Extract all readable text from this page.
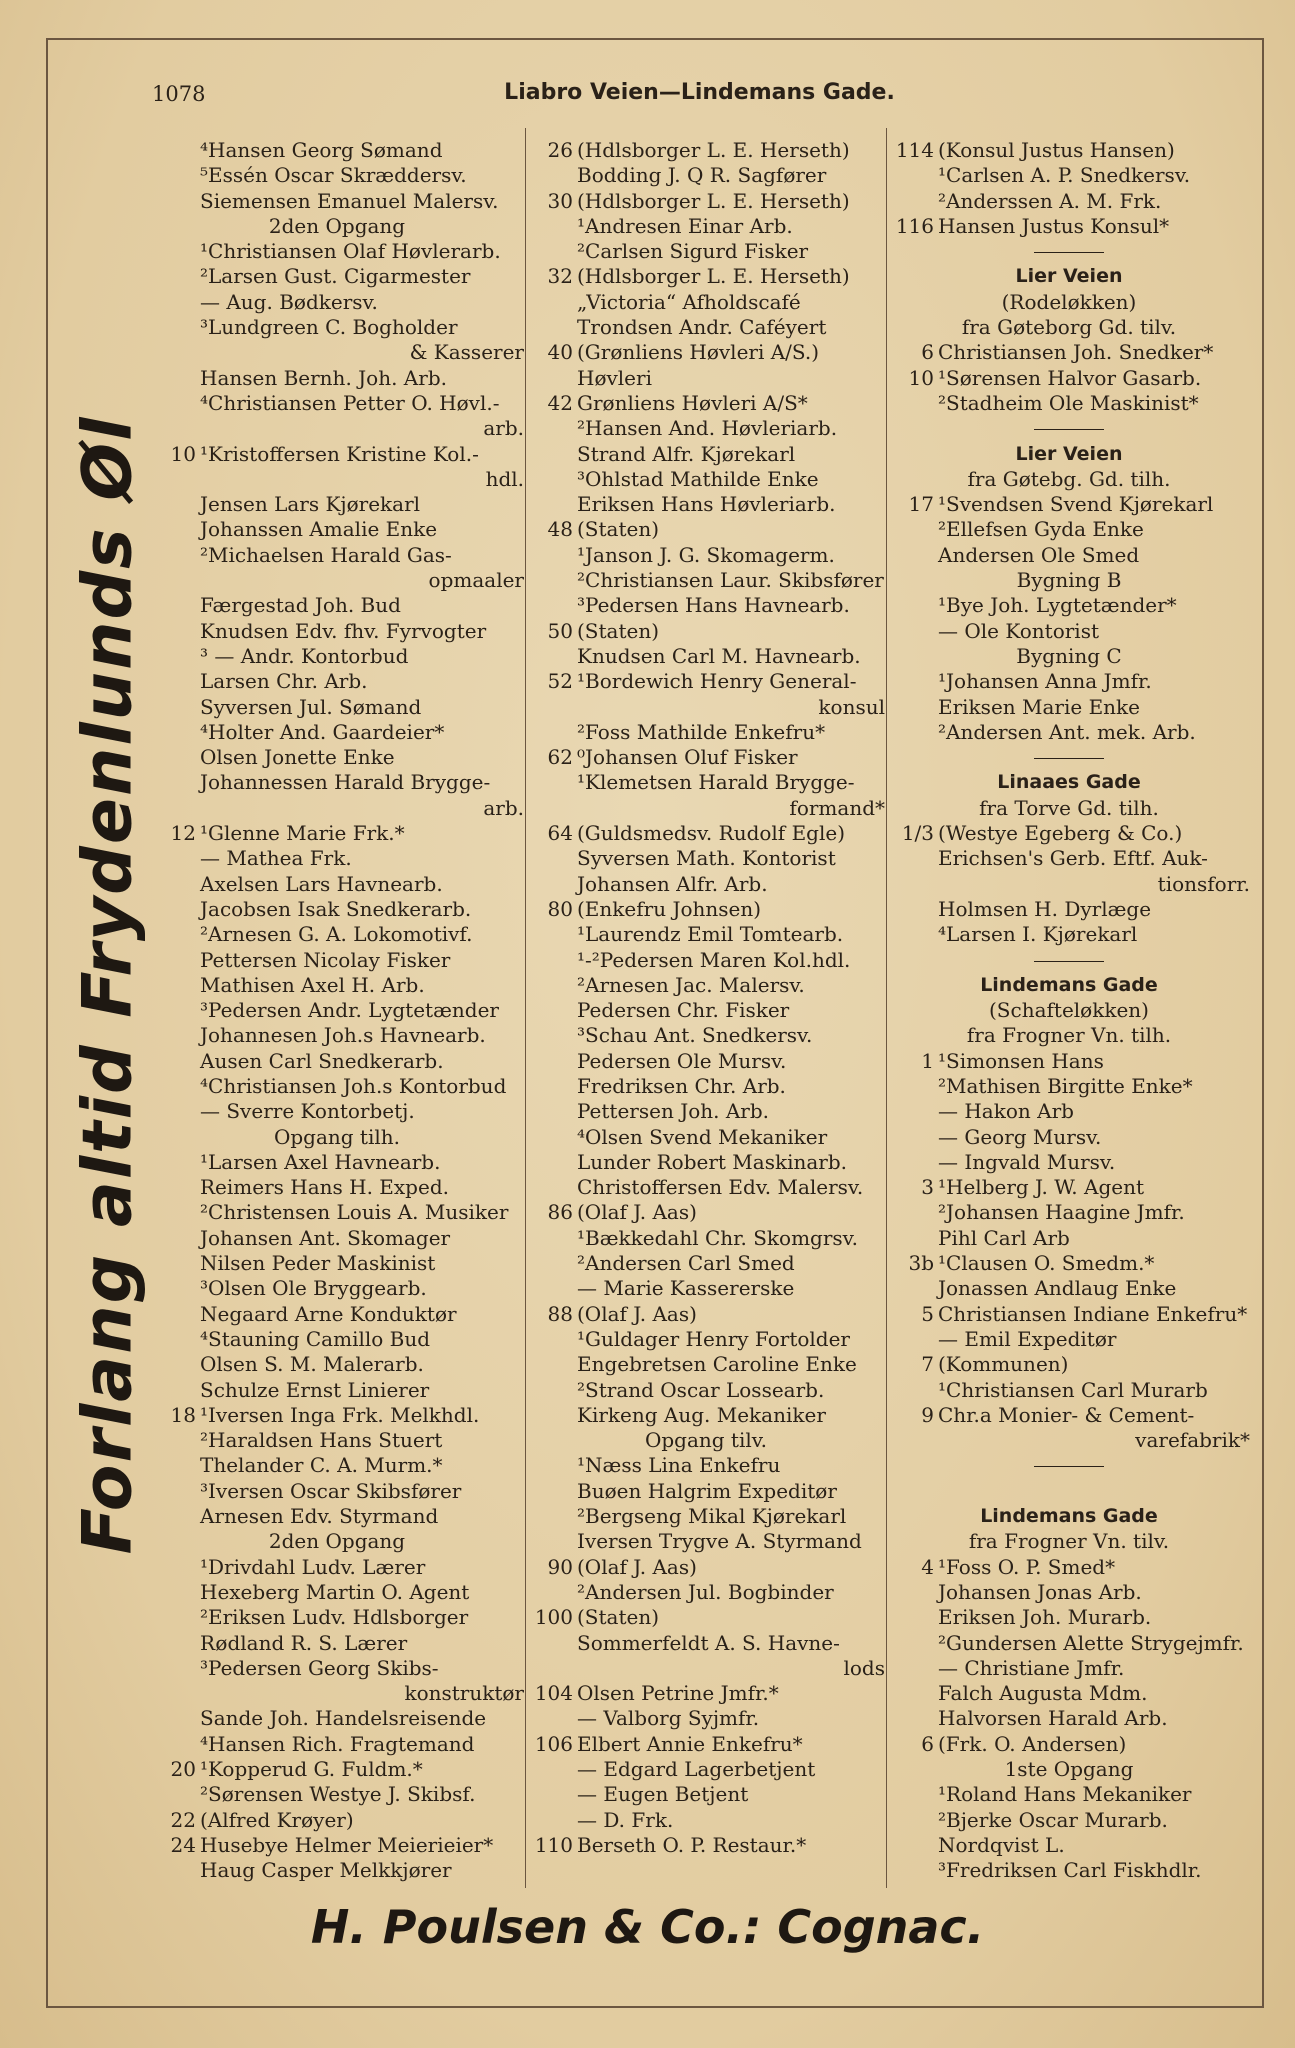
1078	Liabro Veien—Lindemans Gade.
Forlang altid Frydenlunds Øl
⁴Hansen Georg Sømand
⁵Essén Oscar Skræddersv.
Siemensen Emanuel Malersv.
2den Opgang
¹Christiansen Olaf Høvlerarb.
²Larsen Gust. Cigarmester
— Aug. Bødkersv.
³Lundgreen C. Bogholder
& Kasserer
Hansen Bernh. Joh. Arb.
⁴Christiansen Petter O. Høvl.-
arb.
10 ¹Kristoffersen Kristine Kol.-
hdl.
Jensen Lars Kjørekarl
Johanssen Amalie Enke
²Michaelsen Harald Gas-
opmaaler
Færgestad Joh. Bud
Knudsen Edv. fhv. Fyrvogter
³ — Andr. Kontorbud
Larsen Chr. Arb.
Syversen Jul. Sømand
⁴Holter And. Gaardeier*
Olsen Jonette Enke
Johannessen Harald Brygge-
arb.
12 ¹Glenne Marie Frk.*
— Mathea Frk.
Axelsen Lars Havnearb.
Jacobsen Isak Snedkerarb.
²Arnesen G. A. Lokomotivf.
Pettersen Nicolay Fisker
Mathisen Axel H. Arb.
³Pedersen Andr. Lygtetænder
Johannesen Joh.s Havnearb.
Ausen Carl Snedkerarb.
⁴Christiansen Joh.s Kontorbud
— Sverre Kontorbetj.
Opgang tilh.
¹Larsen Axel Havnearb.
Reimers Hans H. Exped.
²Christensen Louis A. Musiker
Johansen Ant. Skomager
Nilsen Peder Maskinist
³Olsen Ole Bryggearb.
Negaard Arne Konduktør
⁴Stauning Camillo Bud
Olsen S. M. Malerarb.
Schulze Ernst Linierer
18 ¹Iversen Inga Frk. Melkhdl.
²Haraldsen Hans Stuert
Thelander C. A. Murm.*
³Iversen Oscar Skibsfører
Arnesen Edv. Styrmand
2den Opgang
¹Drivdahl Ludv. Lærer
Hexeberg Martin O. Agent
²Eriksen Ludv. Hdlsborger
Rødland R. S. Lærer
³Pedersen Georg Skibs-
konstruktør
Sande Joh. Handelsreisende
⁴Hansen Rich. Fragtemand
20 ¹Kopperud G. Fuldm.*
²Sørensen Westye J. Skibsf.
22 (Alfred Krøyer)
24 Husebye Helmer Meierieier*
Haug Casper Melkkjører
26 (Hdlsborger L. E. Herseth)
Bodding J. Q R. Sagfører
30 (Hdlsborger L. E. Herseth)
¹Andresen Einar Arb.
²Carlsen Sigurd Fisker
32 (Hdlsborger L. E. Herseth)
„Victoria“ Afholdscafé
Trondsen Andr. Caféyert
40 (Grønliens Høvleri A/S.)
Høvleri
42 Grønliens Høvleri A/S*
²Hansen And. Høvleriarb.
Strand Alfr. Kjørekarl
³Ohlstad Mathilde Enke
Eriksen Hans Høvleriarb.
48 (Staten)
¹Janson J. G. Skomagerm.
²Christiansen Laur. Skibsfører
³Pedersen Hans Havnearb.
50 (Staten)
Knudsen Carl M. Havnearb.
52 ¹Bordewich Henry General-
konsul
²Foss Mathilde Enkefru*
62 ⁰Johansen Oluf Fisker
¹Klemetsen Harald Brygge-
formand*
64 (Guldsmedsv. Rudolf Egle)
Syversen Math. Kontorist
Johansen Alfr. Arb.
80 (Enkefru Johnsen)
¹Laurendz Emil Tomtearb.
¹-²Pedersen Maren Kol.hdl.
²Arnesen Jac. Malersv.
Pedersen Chr. Fisker
³Schau Ant. Snedkersv.
Pedersen Ole Mursv.
Fredriksen Chr. Arb.
Pettersen Joh. Arb.
⁴Olsen Svend Mekaniker
Lunder Robert Maskinarb.
Christoffersen Edv. Malersv.
86 (Olaf J. Aas)
¹Bækkedahl Chr. Skomgrsv.
²Andersen Carl Smed
— Marie Kassererske
88 (Olaf J. Aas)
¹Guldager Henry Fortolder
Engebretsen Caroline Enke
²Strand Oscar Lossearb.
Kirkeng Aug. Mekaniker
Opgang tilv.
¹Næss Lina Enkefru
Buøen Halgrim Expeditør
²Bergseng Mikal Kjørekarl
Iversen Trygve A. Styrmand
90 (Olaf J. Aas)
²Andersen Jul. Bogbinder
100 (Staten)
Sommerfeldt A. S. Havne-
lods
104 Olsen Petrine Jmfr.*
— Valborg Syjmfr.
106 Elbert Annie Enkefru*
— Edgard Lagerbetjent
— Eugen Betjent
— D. Frk.
110 Berseth O. P. Restaur.*
114 (Konsul Justus Hansen)
¹Carlsen A. P. Snedkersv.
²Anderssen A. M. Frk.
116 Hansen Justus Konsul*
Lier Veien
(Rodeløkken)
fra Gøteborg Gd. tilv.
6 Christiansen Joh. Snedker*
10 ¹Sørensen Halvor Gasarb.
²Stadheim Ole Maskinist*
Lier Veien
fra Gøtebg. Gd. tilh.
17 ¹Svendsen Svend Kjørekarl
²Ellefsen Gyda Enke
Andersen Ole Smed
Bygning B
¹Bye Joh. Lygtetænder*
— Ole Kontorist
Bygning C
¹Johansen Anna Jmfr.
Eriksen Marie Enke
²Andersen Ant. mek. Arb.
Linaaes Gade
fra Torve Gd. tilh.
1/3 (Westye Egeberg & Co.)
Erichsen's Gerb. Eftf. Auk-
tionsforr.
Holmsen H. Dyrlæge
⁴Larsen I. Kjørekarl
Lindemans Gade
(Schafteløkken)
fra Frogner Vn. tilh.
1 ¹Simonsen Hans
²Mathisen Birgitte Enke*
— Hakon Arb
— Georg Mursv.
— Ingvald Mursv.
3 ¹Helberg J. W. Agent
²Johansen Haagine Jmfr.
Pihl Carl Arb
3b ¹Clausen O. Smedm.*
Jonassen Andlaug Enke
5 Christiansen Indiane Enkefru*
— Emil Expeditør
7 (Kommunen)
¹Christiansen Carl Murarb
9 Chr.a Monier- & Cement-
varefabrik*
Lindemans Gade
fra Frogner Vn. tilv.
4 ¹Foss O. P. Smed*
Johansen Jonas Arb.
Eriksen Joh. Murarb.
²Gundersen Alette Strygejmfr.
— Christiane Jmfr.
Falch Augusta Mdm.
Halvorsen Harald Arb.
6 (Frk. O. Andersen)
1ste Opgang
¹Roland Hans Mekaniker
²Bjerke Oscar Murarb.
Nordqvist L.
³Fredriksen Carl Fiskhdlr.
H. Poulsen & Co.: Cognac.
